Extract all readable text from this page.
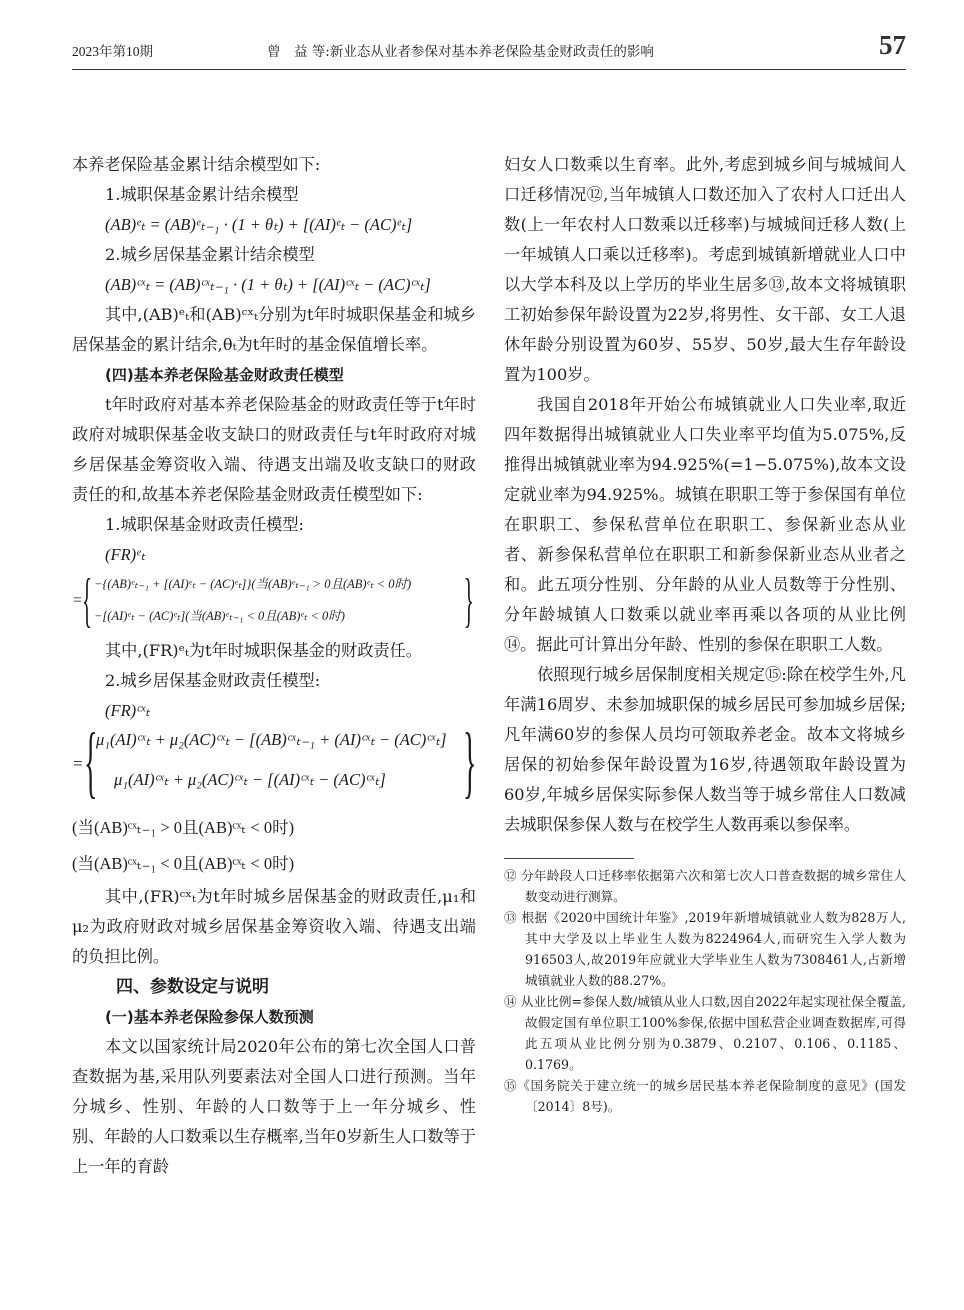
2023年第10期	曾　益 等:新业态从业者参保对基本养老保险基金财政责任的影响	57
本养老保险基金累计结余模型如下:
1.城职保基金累计结余模型
(AB)ᵉₜ = (AB)ᵉₜ₋₁ · (1 + θₜ) + [(AI)ᵉₜ − (AC)ᵉₜ]
2.城乡居保基金累计结余模型
(AB)ᶜˣₜ = (AB)ᶜˣₜ₋₁ · (1 + θₜ) + [(AI)ᶜˣₜ − (AC)ᶜˣₜ]
其中,(AB)ᵉₜ和(AB)ᶜˣₜ分别为t年时城职保基金和城乡居保基金的累计结余,θₜ为t年时的基金保值增长率。
(四)基本养老保险基金财政责任模型
t年时政府对基本养老保险基金的财政责任等于t年时政府对城职保基金收支缺口的财政责任与t年时政府对城乡居保基金筹资收入端、待遇支出端及收支缺口的财政责任的和,故基本养老保险基金财政责任模型如下:
1.城职保基金财政责任模型:
(FR)ᵉₜ
= { −{(AB)ᵉₜ₋₁ + [(AI)ᵉₜ − (AC)ᵉₜ]}(当(AB)ᵉₜ₋₁ > 0且(AB)ᵉₜ < 0时)
−[(AI)ᵉₜ − (AC)ᵉₜ](当(AB)ᵉₜ₋₁ < 0且(AB)ᵉₜ < 0时) }
其中,(FR)ᵉₜ为t年时城职保基金的财政责任。
2.城乡居保基金财政责任模型:
(FR)ᶜˣₜ
= {
μ₁(AI)ᶜˣₜ + μ₂(AC)ᶜˣₜ − [(AB)ᶜˣₜ₋₁ + (AI)ᶜˣₜ − (AC)ᶜˣₜ]
μ₁(AI)ᶜˣₜ + μ₂(AC)ᶜˣₜ − [(AI)ᶜˣₜ − (AC)ᶜˣₜ] }
(当(AB)ᶜˣₜ₋₁ > 0且(AB)ᶜˣₜ < 0时)
(当(AB)ᶜˣₜ₋₁ < 0且(AB)ᶜˣₜ < 0时)
其中,(FR)ᶜˣₜ为t年时城乡居保基金的财政责任,μ₁和μ₂为政府财政对城乡居保基金筹资收入端、待遇支出端的负担比例。
四、参数设定与说明
(一)基本养老保险参保人数预测
本文以国家统计局2020年公布的第七次全国人口普查数据为基,采用队列要素法对全国人口进行预测。当年分城乡、性别、年龄的人口数等于上一年分城乡、性别、年龄的人口数乘以生存概率,当年0岁新生人口数等于上一年的育龄
妇女人口数乘以生育率。此外,考虑到城乡间与城城间人口迁移情况⑫,当年城镇人口数还加入了农村人口迁出人数(上一年农村人口数乘以迁移率)与城城间迁移人数(上一年城镇人口乘以迁移率)。考虑到城镇新增就业人口中以大学本科及以上学历的毕业生居多⑬,故本文将城镇职工初始参保年龄设置为22岁,将男性、女干部、女工人退休年龄分别设置为60岁、55岁、50岁,最大生存年龄设置为100岁。
我国自2018年开始公布城镇就业人口失业率,取近四年数据得出城镇就业人口失业率平均值为5.075%,反推得出城镇就业率为94.925%(=1−5.075%),故本文设定就业率为94.925%。城镇在职职工等于参保国有单位在职职工、参保私营单位在职职工、参保新业态从业者、新参保私营单位在职职工和新参保新业态从业者之和。此五项分性别、分年龄的从业人员数等于分性别、分年龄城镇人口数乘以就业率再乘以各项的从业比例⑭。据此可计算出分年龄、性别的参保在职职工人数。
依照现行城乡居保制度相关规定⑮:除在校学生外,凡年满16周岁、未参加城职保的城乡居民可参加城乡居保;凡年满60岁的参保人员均可领取养老金。故本文将城乡居保的初始参保年龄设置为16岁,待遇领取年龄设置为60岁,年城乡居保实际参保人数当等于城乡常住人口数减去城职保参保人数与在校学生人数再乘以参保率。
⑫ 分年龄段人口迁移率依据第六次和第七次人口普查数据的城乡常住人数变动进行测算。
⑬ 根据《2020中国统计年鉴》,2019年新增城镇就业人数为828万人,其中大学及以上毕业生人数为8224964人,而研究生入学人数为916503人,故2019年应就业大学毕业生人数为7308461人,占新增城镇就业人数的88.27%。
⑭ 从业比例=参保人数/城镇从业人口数,因自2022年起实现社保全覆盖,故假定国有单位职工100%参保,依据中国私营企业调查数据库,可得此五项从业比例分别为0.3879、0.2107、0.106、0.1185、0.1769。
⑮《国务院关于建立统一的城乡居民基本养老保险制度的意见》(国发〔2014〕8号)。
